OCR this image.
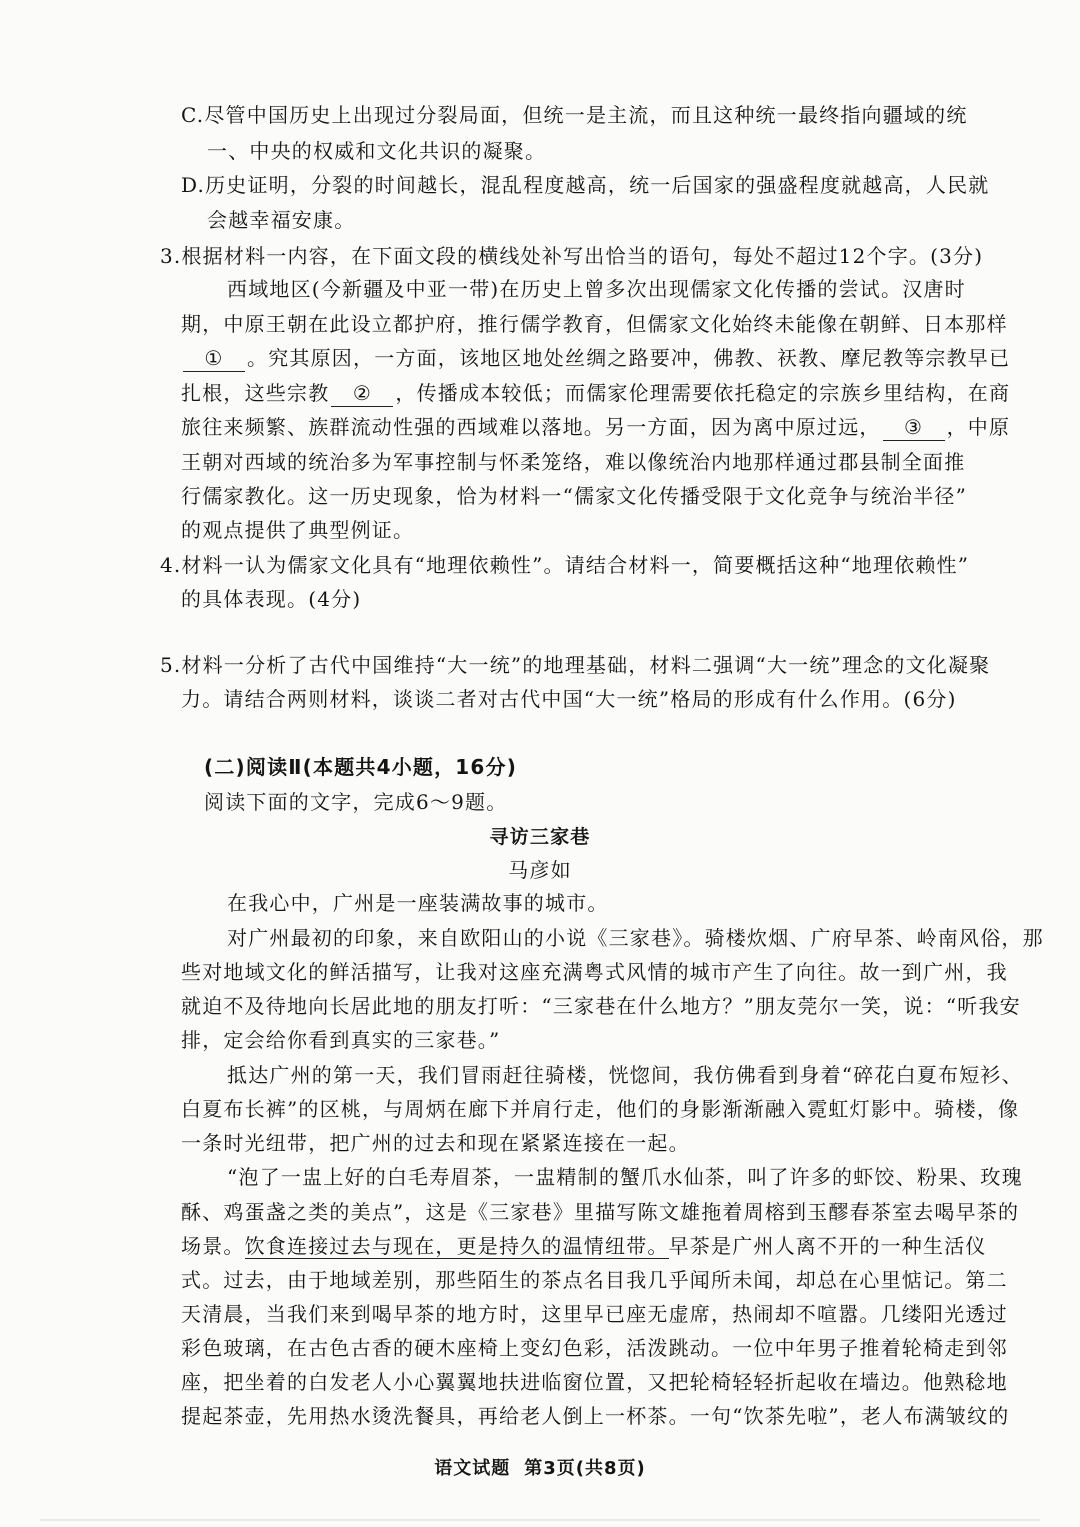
C.尽管中国历史上出现过分裂局面，但统一是主流，而且这种统一最终指向疆域的统
一、中央的权威和文化共识的凝聚。
D.历史证明，分裂的时间越长，混乱程度越高，统一后国家的强盛程度就越高，人民就
会越幸福安康。
3.根据材料一内容，在下面文段的横线处补写出恰当的语句，每处不超过12个字。(3分)
西域地区(今新疆及中亚一带)在历史上曾多次出现儒家文化传播的尝试。汉唐时
期，中原王朝在此设立都护府，推行儒学教育，但儒家文化始终未能像在朝鲜、日本那样
① 。究其原因，一方面，该地区地处丝绸之路要冲，佛教、祆教、摩尼教等宗教早已
扎根，这些宗教 ② ，传播成本较低；而儒家伦理需要依托稳定的宗族乡里结构，在商
旅往来频繁、族群流动性强的西域难以落地。另一方面，因为离中原过远， ③ ，中原
王朝对西域的统治多为军事控制与怀柔笼络，难以像统治内地那样通过郡县制全面推
行儒家教化。这一历史现象，恰为材料一“儒家文化传播受限于文化竞争与统治半径”
的观点提供了典型例证。
4.材料一认为儒家文化具有“地理依赖性”。请结合材料一，简要概括这种“地理依赖性”
的具体表现。(4分)
5.材料一分析了古代中国维持“大一统”的地理基础，材料二强调“大一统”理念的文化凝聚
力。请结合两则材料，谈谈二者对古代中国“大一统”格局的形成有什么作用。(6分)
(二)阅读Ⅱ(本题共4小题，16分)
阅读下面的文字，完成6～9题。
寻访三家巷
马彦如
在我心中，广州是一座装满故事的城市。
对广州最初的印象，来自欧阳山的小说《三家巷》。骑楼炊烟、广府早茶、岭南风俗，那
些对地域文化的鲜活描写，让我对这座充满粤式风情的城市产生了向往。故一到广州，我
就迫不及待地向长居此地的朋友打听：“三家巷在什么地方？”朋友莞尔一笑，说：“听我安
排，定会给你看到真实的三家巷。”
抵达广州的第一天，我们冒雨赶往骑楼，恍惚间，我仿佛看到身着“碎花白夏布短衫、
白夏布长裤”的区桃，与周炳在廊下并肩行走，他们的身影渐渐融入霓虹灯影中。骑楼，像
一条时光纽带，把广州的过去和现在紧紧连接在一起。
“泡了一盅上好的白毛寿眉茶，一盅精制的蟹爪水仙茶，叫了许多的虾饺、粉果、玫瑰
酥、鸡蛋盏之类的美点”，这是《三家巷》里描写陈文雄拖着周榕到玉醪春茶室去喝早茶的
场景。饮食连接过去与现在，更是持久的温情纽带。早茶是广州人离不开的一种生活仪
式。过去，由于地域差别，那些陌生的茶点名目我几乎闻所未闻，却总在心里惦记。第二
天清晨，当我们来到喝早茶的地方时，这里早已座无虚席，热闹却不喧嚣。几缕阳光透过
彩色玻璃，在古色古香的硬木座椅上变幻色彩，活泼跳动。一位中年男子推着轮椅走到邻
座，把坐着的白发老人小心翼翼地扶进临窗位置，又把轮椅轻轻折起收在墙边。他熟稔地
提起茶壶，先用热水烫洗餐具，再给老人倒上一杯茶。一句“饮茶先啦”，老人布满皱纹的
语文试题 第3页(共8页)
